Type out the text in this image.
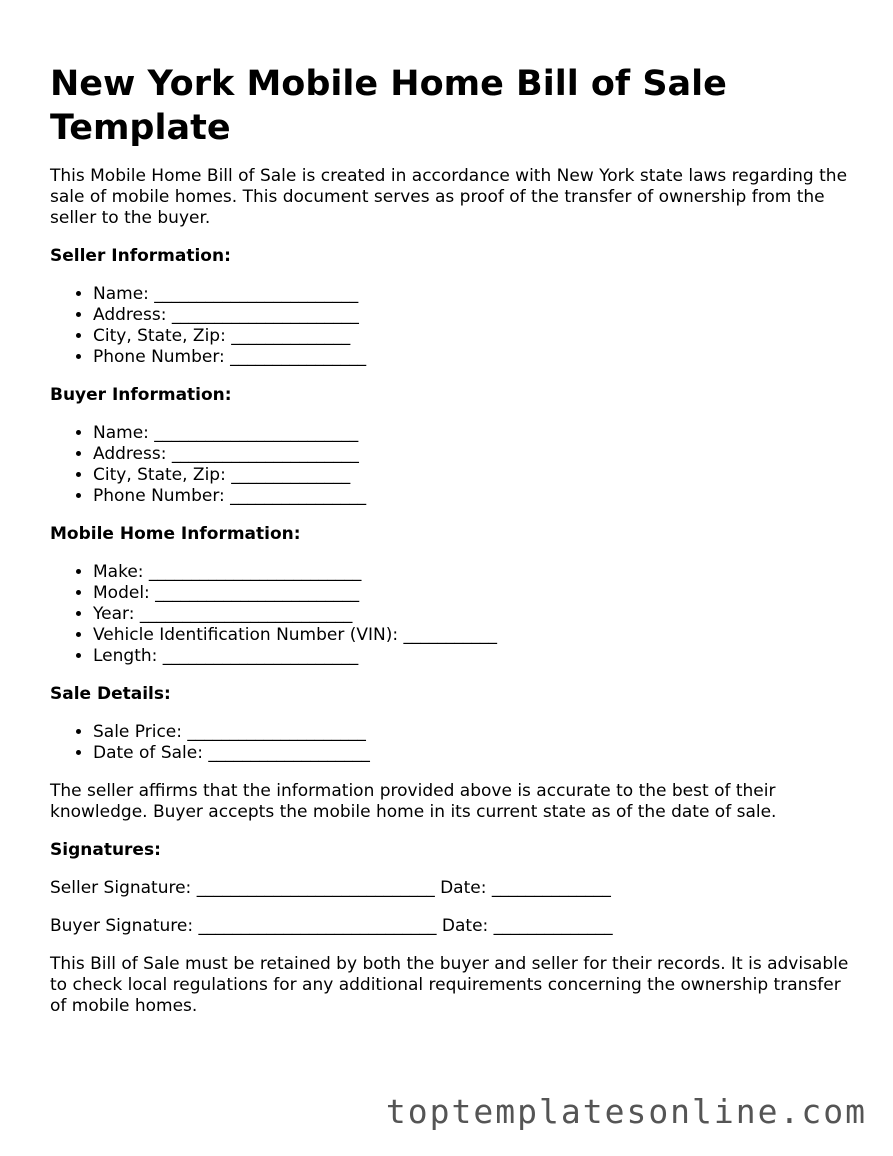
New York Mobile Home Bill of Sale Template

This Mobile Home Bill of Sale is created in accordance with New York state laws regarding the sale of mobile homes. This document serves as proof of the transfer of ownership from the seller to the buyer.

Seller Information:
• Name: ________________________
• Address: ______________________
• City, State, Zip: ______________
• Phone Number: ________________
Buyer Information:
• Name: ________________________
• Address: ______________________
• City, State, Zip: ______________
• Phone Number: ________________
Mobile Home Information:
• Make: _________________________
• Model: ________________________
• Year: _________________________
• Vehicle Identification Number (VIN): ___________
• Length: _______________________
Sale Details:
• Sale Price: _____________________
• Date of Sale: ___________________

The seller affirms that the information provided above is accurate to the best of their knowledge. Buyer accepts the mobile home in its current state as of the date of sale.

Signatures:

Seller Signature: ____________________________ Date: ______________

Buyer Signature: ____________________________ Date: ______________

This Bill of Sale must be retained by both the buyer and seller for their records. It is advisable to check local regulations for any additional requirements concerning the ownership transfer of mobile homes.

toptemplatesonline.com
